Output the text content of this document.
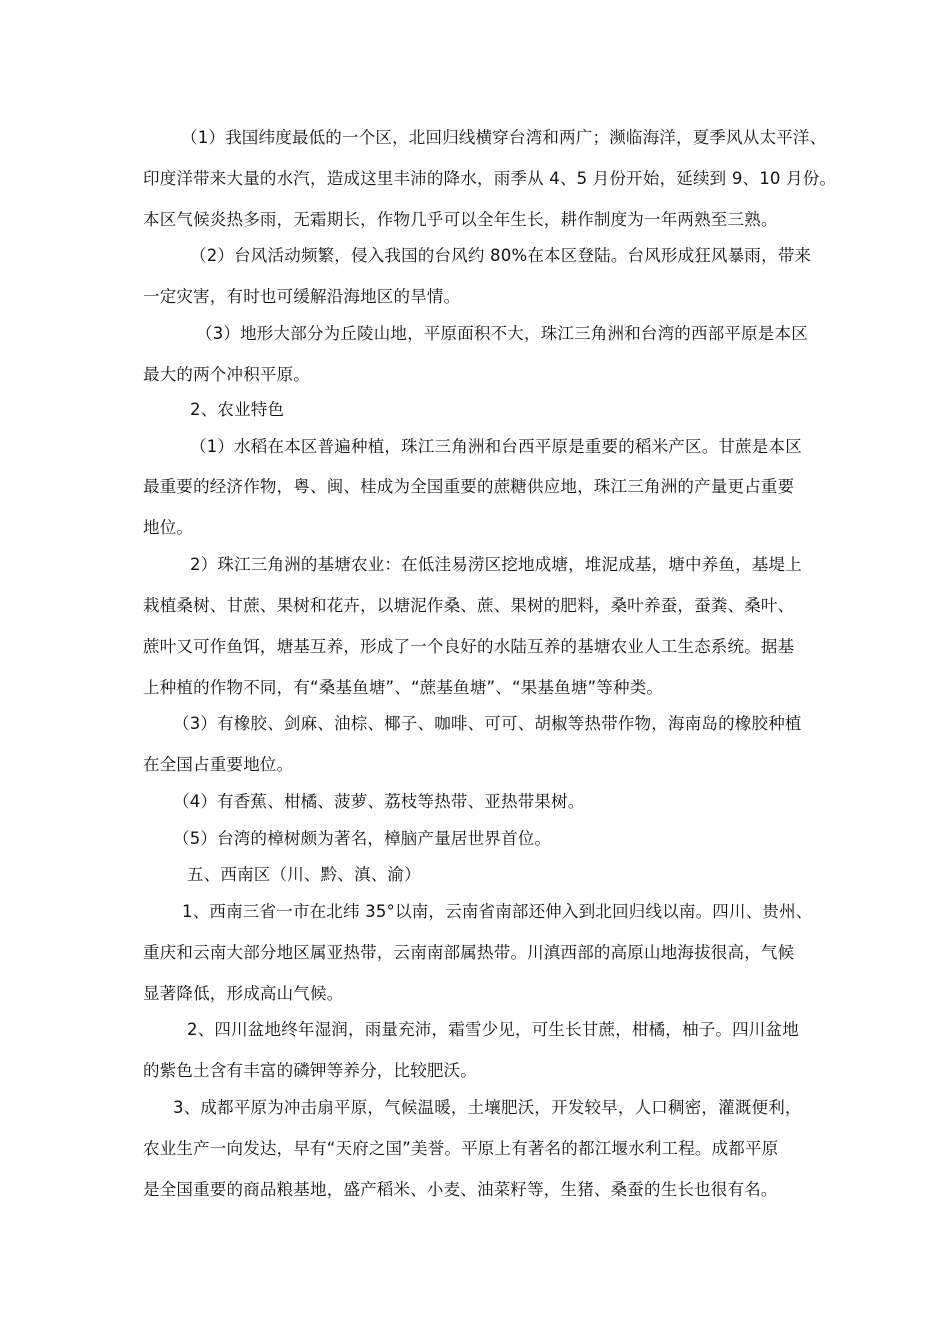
（1）我国纬度最低的一个区，北回归线横穿台湾和两广；濒临海洋，夏季风从太平洋、
印度洋带来大量的水汽，造成这里丰沛的降水，雨季从 4、5 月份开始，延续到 9、10 月份。
本区气候炎热多雨，无霜期长，作物几乎可以全年生长，耕作制度为一年两熟至三熟。
（2）台风活动频繁，侵入我国的台风约 80%在本区登陆。台风形成狂风暴雨，带来
一定灾害，有时也可缓解沿海地区的旱情。
（3）地形大部分为丘陵山地，平原面积不大，珠江三角洲和台湾的西部平原是本区
最大的两个冲积平原。
2、农业特色
（1）水稻在本区普遍种植，珠江三角洲和台西平原是重要的稻米产区。甘蔗是本区
最重要的经济作物，粤、闽、桂成为全国重要的蔗糖供应地，珠江三角洲的产量更占重要
地位。
2）珠江三角洲的基塘农业：在低洼易涝区挖地成塘，堆泥成基，塘中养鱼，基堤上
栽植桑树、甘蔗、果树和花卉，以塘泥作桑、蔗、果树的肥料，桑叶养蚕，蚕粪、桑叶、
蔗叶又可作鱼饵，塘基互养，形成了一个良好的水陆互养的基塘农业人工生态系统。据基
上种植的作物不同，有“桑基鱼塘”、“蔗基鱼塘”、“果基鱼塘”等种类。
（3）有橡胶、剑麻、油棕、椰子、咖啡、可可、胡椒等热带作物，海南岛的橡胶种植
在全国占重要地位。
（4）有香蕉、柑橘、菠萝、荔枝等热带、亚热带果树。
（5）台湾的樟树颇为著名，樟脑产量居世界首位。
五、西南区（川、黔、滇、渝）
1、西南三省一市在北纬 35°以南，云南省南部还伸入到北回归线以南。四川、贵州、
重庆和云南大部分地区属亚热带，云南南部属热带。川滇西部的高原山地海拔很高，气候
显著降低，形成高山气候。
2、四川盆地终年湿润，雨量充沛，霜雪少见，可生长甘蔗，柑橘，柚子。四川盆地
的紫色土含有丰富的磷钾等养分，比较肥沃。
3、成都平原为冲击扇平原，气候温暖，土壤肥沃，开发较早，人口稠密，灌溉便利，
农业生产一向发达，早有“天府之国”美誉。平原上有著名的都江堰水利工程。成都平原
是全国重要的商品粮基地，盛产稻米、小麦、油菜籽等，生猪、桑蚕的生长也很有名。
